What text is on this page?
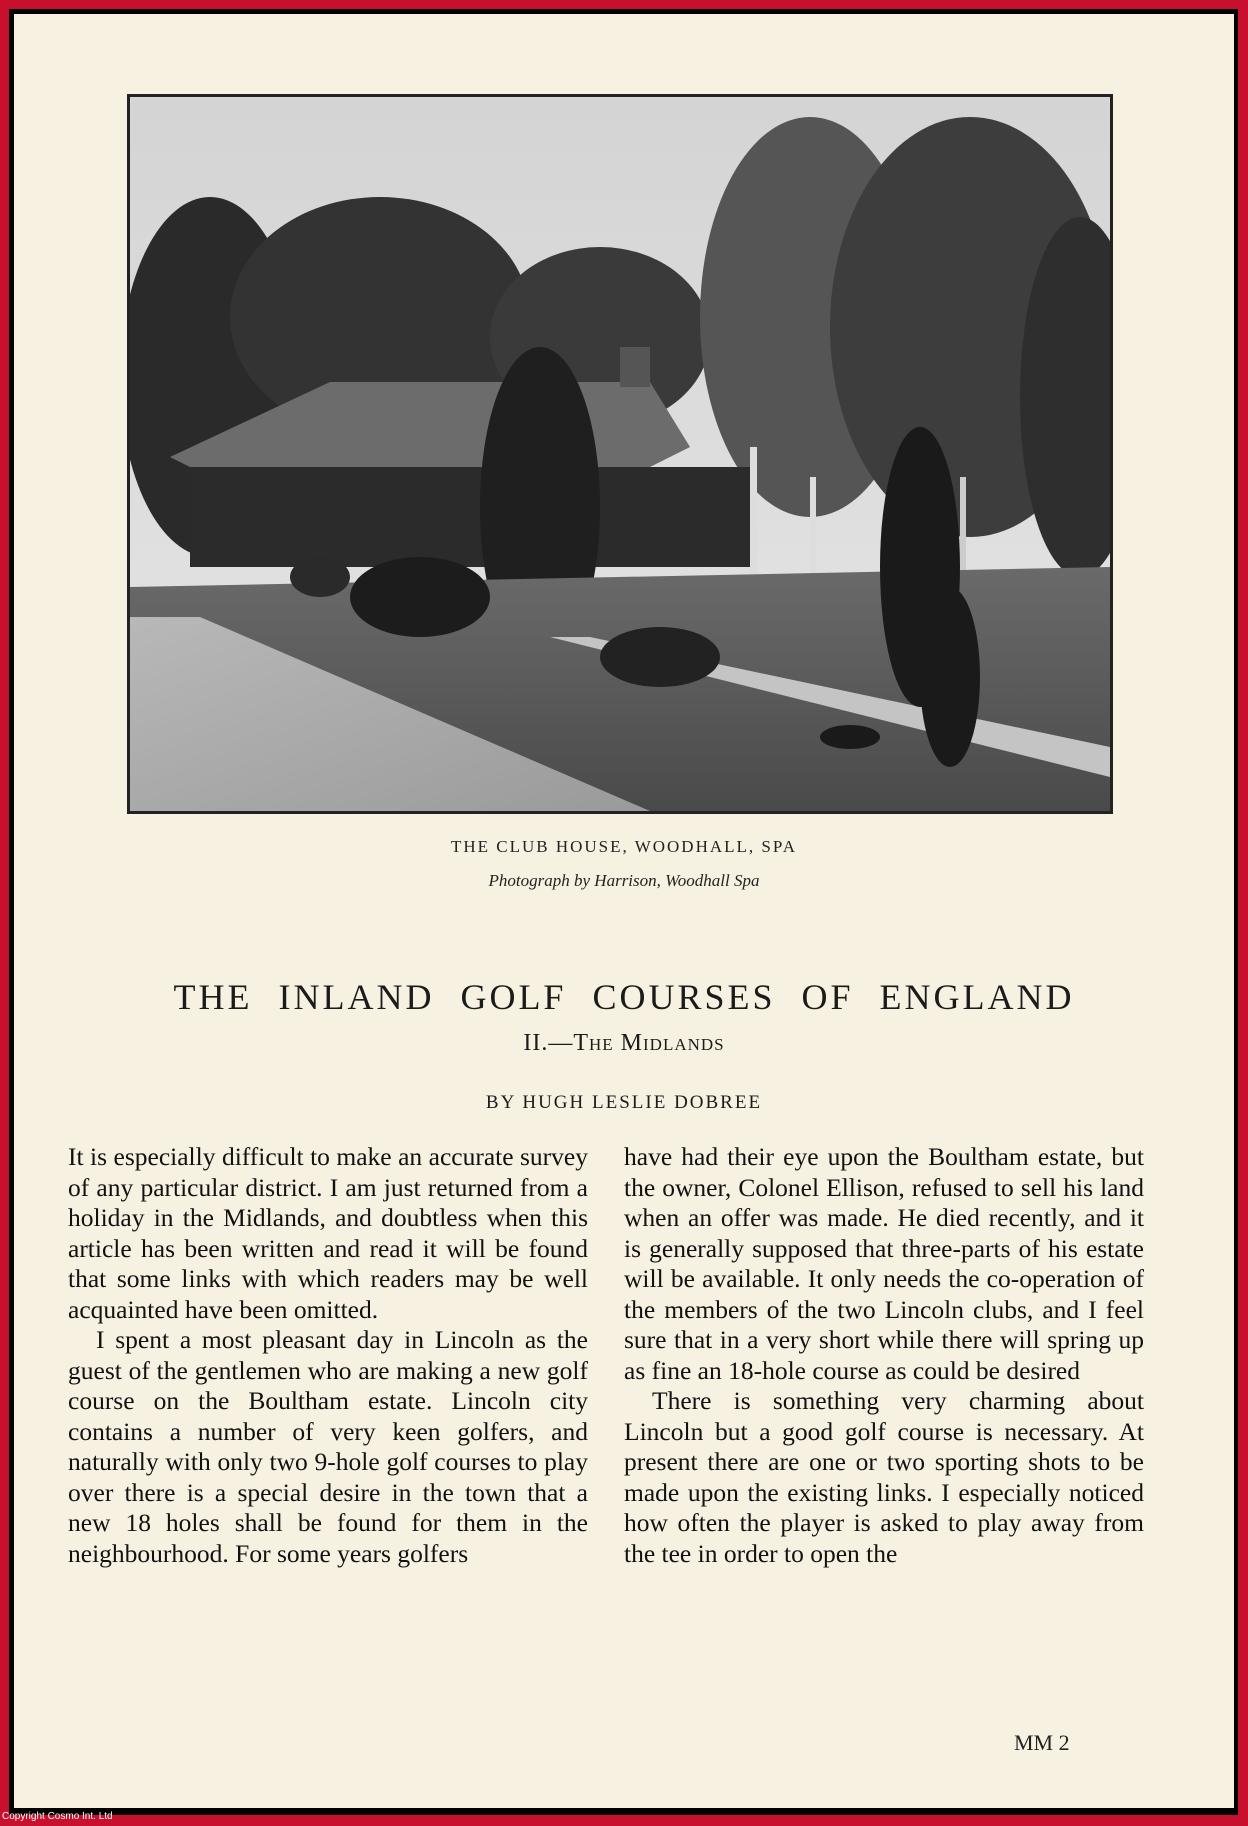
THE CLUB HOUSE, WOODHALL, SPA
Photograph by Harrison, Woodhall Spa
THE INLAND GOLF COURSES OF ENGLAND
II.—The Midlands
BY HUGH LESLIE DOBREE

It is especially difficult to make an accurate survey of any particular district. I am just returned from a holiday in the Midlands, and doubtless when this article has been written and read it will be found that some links with which readers may be well acquainted have been omitted.

I spent a most pleasant day in Lincoln as the guest of the gentlemen who are making a new golf course on the Boultham estate. Lincoln city contains a number of very keen golfers, and naturally with only two 9-hole golf courses to play over there is a special desire in the town that a new 18 holes shall be found for them in the neighbourhood. For some years golfers

have had their eye upon the Boultham estate, but the owner, Colonel Ellison, refused to sell his land when an offer was made. He died recently, and it is generally supposed that three-parts of his estate will be available. It only needs the co-operation of the members of the two Lincoln clubs, and I feel sure that in a very short while there will spring up as fine an 18-hole course as could be desired

There is something very charming about Lincoln but a good golf course is necessary. At present there are one or two sporting shots to be made upon the existing links. I especially noticed how often the player is asked to play away from the tee in order to open the

MM 2
Copyright Cosmo Int. Ltd
